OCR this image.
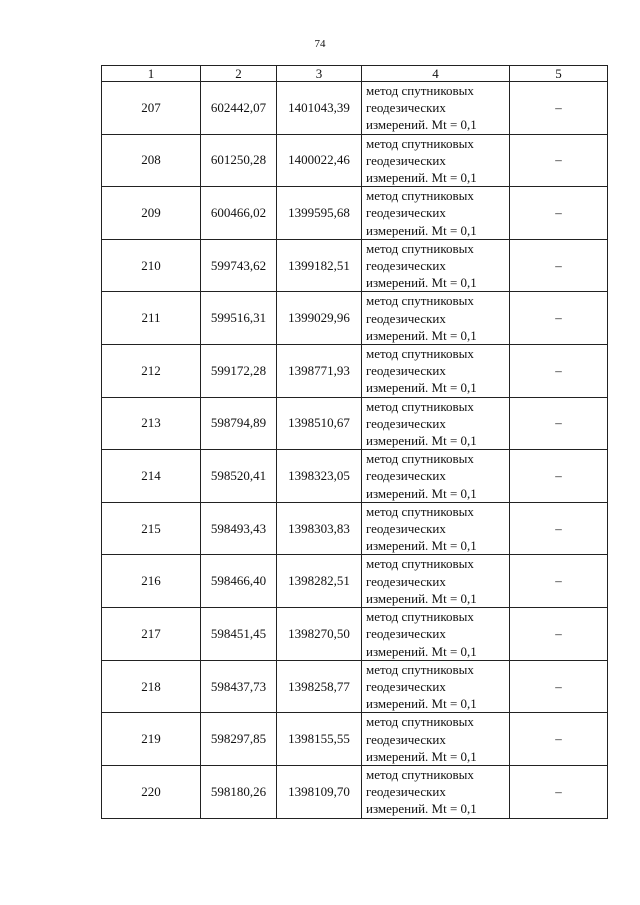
74
1	2	3	4	5
207	602442,07	1401043,39	метод спутниковых
геодезических
измерений. Mt = 0,1	–
208	601250,28	1400022,46	метод спутниковых
геодезических
измерений. Mt = 0,1	–
209	600466,02	1399595,68	метод спутниковых
геодезических
измерений. Mt = 0,1	–
210	599743,62	1399182,51	метод спутниковых
геодезических
измерений. Mt = 0,1	–
211	599516,31	1399029,96	метод спутниковых
геодезических
измерений. Mt = 0,1	–
212	599172,28	1398771,93	метод спутниковых
геодезических
измерений. Mt = 0,1	–
213	598794,89	1398510,67	метод спутниковых
геодезических
измерений. Mt = 0,1	–
214	598520,41	1398323,05	метод спутниковых
геодезических
измерений. Mt = 0,1	–
215	598493,43	1398303,83	метод спутниковых
геодезических
измерений. Mt = 0,1	–
216	598466,40	1398282,51	метод спутниковых
геодезических
измерений. Mt = 0,1	–
217	598451,45	1398270,50	метод спутниковых
геодезических
измерений. Mt = 0,1	–
218	598437,73	1398258,77	метод спутниковых
геодезических
измерений. Mt = 0,1	–
219	598297,85	1398155,55	метод спутниковых
геодезических
измерений. Mt = 0,1	–
220	598180,26	1398109,70	метод спутниковых
геодезических
измерений. Mt = 0,1	–
